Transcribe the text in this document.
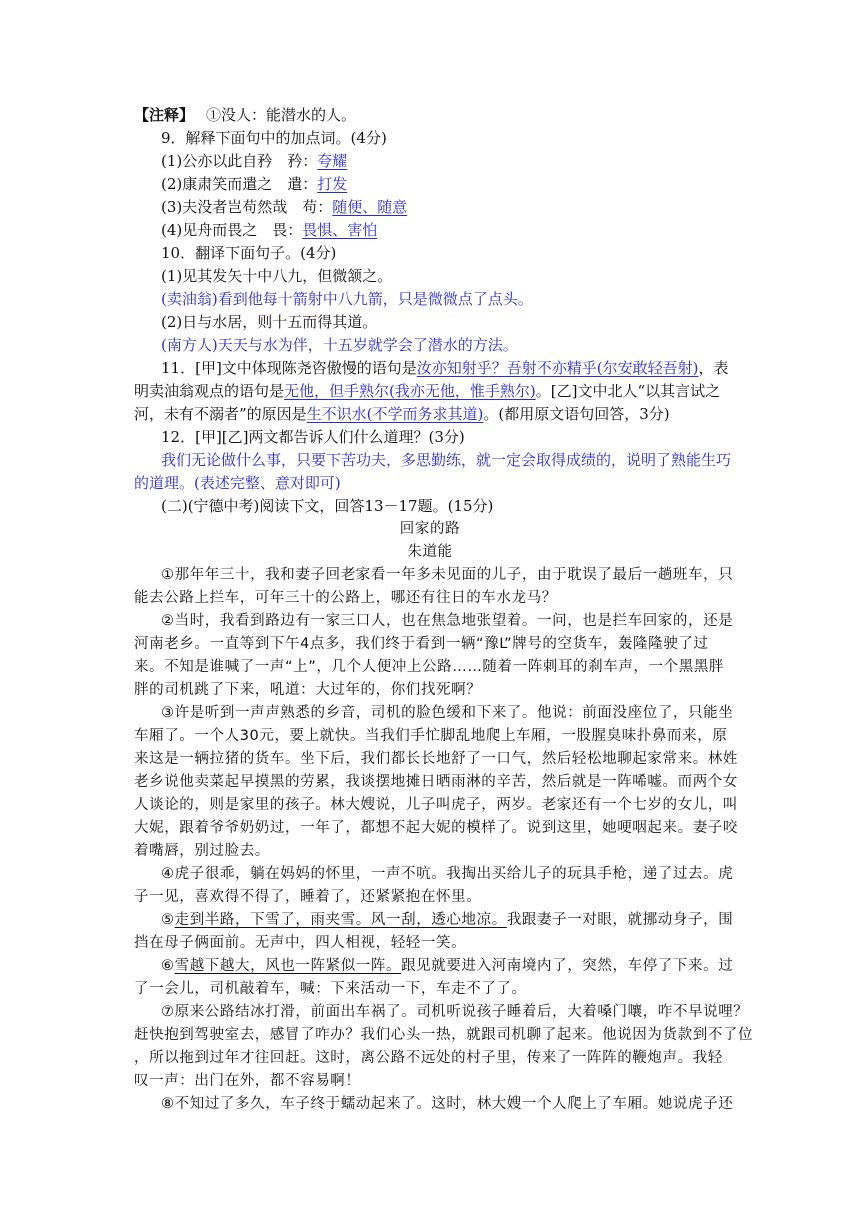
【注释】 ①没人：能潜水的人。
9．解释下面句中的加点词。(4分)
(1)公亦以此自矜　矜：夸耀
(2)康肃笑而遣之　遣：打发
(3)夫没者岂苟然哉　苟：随便、随意
(4)见舟而畏之　畏：畏惧、害怕
10．翻译下面句子。(4分)
(1)见其发矢十中八九，但微颔之。
(卖油翁)看到他每十箭射中八九箭，只是微微点了点头。
(2)日与水居，则十五而得其道。
(南方人)天天与水为伴，十五岁就学会了潜水的方法。
11．[甲]文中体现陈尧咨傲慢的语句是汝亦知射乎？吾射不亦精乎(尔安敢轻吾射)，表
明卖油翁观点的语句是无他，但手熟尔(我亦无他，惟手熟尔)。[乙]文中北人“以其言试之
河，未有不溺者”的原因是生不识水(不学而务求其道)。(都用原文语句回答，3分)
12．[甲][乙]两文都告诉人们什么道理？(3分)
我们无论做什么事，只要下苦功夫，多思勤练，就一定会取得成绩的，说明了熟能生巧
的道理。(表述完整、意对即可)
(二)(宁德中考)阅读下文，回答13－17题。(15分)
回家的路
朱道能
①那年年三十，我和妻子回老家看一年多未见面的儿子，由于耽误了最后一趟班车，只
能去公路上拦车，可年三十的公路上，哪还有往日的车水龙马？
②当时，我看到路边有一家三口人，也在焦急地张望着。一问，也是拦车回家的，还是
河南老乡。一直等到下午4点多，我们终于看到一辆“豫L”牌号的空货车，轰隆隆驶了过
来。不知是谁喊了一声“上”，几个人便冲上公路……随着一阵刺耳的刹车声，一个黑黑胖
胖的司机跳了下来，吼道：大过年的，你们找死啊？
③许是听到一声声熟悉的乡音，司机的脸色缓和下来了。他说：前面没座位了，只能坐
车厢了。一个人30元，要上就快。当我们手忙脚乱地爬上车厢，一股腥臭味扑鼻而来，原
来这是一辆拉猪的货车。坐下后，我们都长长地舒了一口气，然后轻松地聊起家常来。林姓
老乡说他卖菜起早摸黑的劳累，我谈摆地摊日晒雨淋的辛苦，然后就是一阵唏嘘。而两个女
人谈论的，则是家里的孩子。林大嫂说，儿子叫虎子，两岁。老家还有一个七岁的女儿，叫
大妮，跟着爷爷奶奶过，一年了，都想不起大妮的模样了。说到这里，她哽咽起来。妻子咬
着嘴唇，别过脸去。
④虎子很乖，躺在妈妈的怀里，一声不吭。我掏出买给儿子的玩具手枪，递了过去。虎
子一见，喜欢得不得了，睡着了，还紧紧抱在怀里。
⑤走到半路，下雪了，雨夹雪。风一刮，透心地凉。我跟妻子一对眼，就挪动身子，围
挡在母子俩面前。无声中，四人相视，轻轻一笑。
⑥雪越下越大，风也一阵紧似一阵。跟见就要进入河南境内了，突然，车停了下来。过
了一会儿，司机敲着车，喊：下来活动一下，车走不了了。
⑦原来公路结冰打滑，前面出车祸了。司机听说孩子睡着后，大着嗓门嚷，咋不早说哩？
赶快抱到驾驶室去，感冒了咋办？我们心头一热，就跟司机聊了起来。他说因为货款到不了位
，所以拖到过年才往回赶。这时，离公路不远处的村子里，传来了一阵阵的鞭炮声。我轻
叹一声：出门在外，都不容易啊！
⑧不知过了多久，车子终于蠕动起来了。这时，林大嫂一个人爬上了车厢。她说虎子还
